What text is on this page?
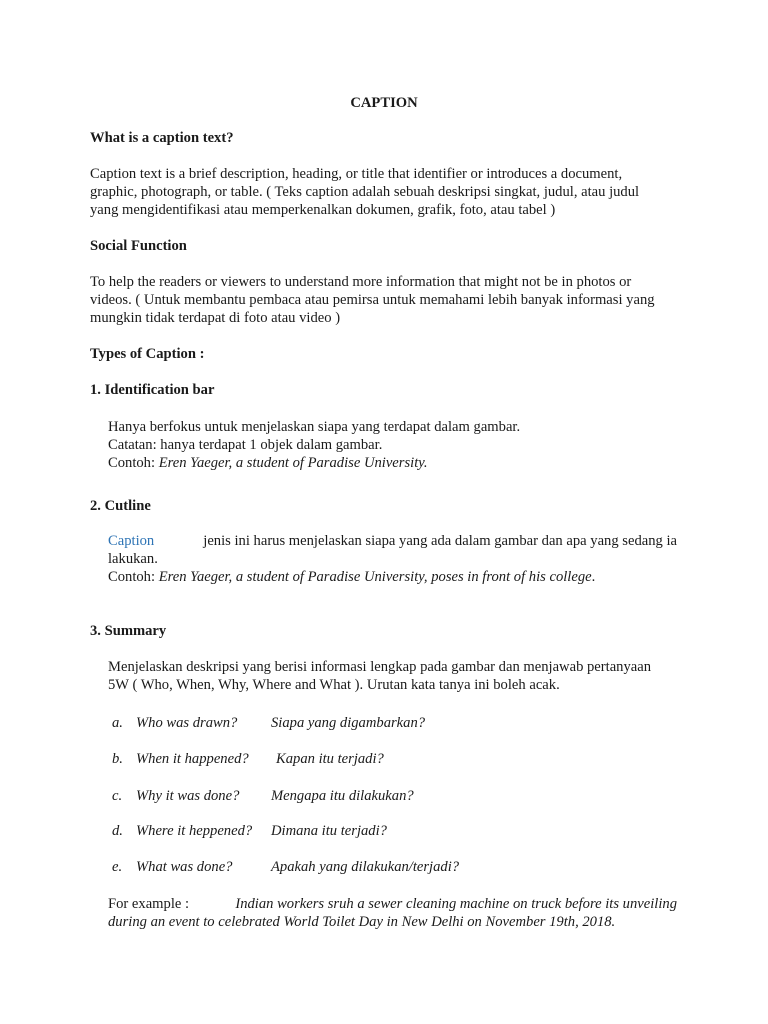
CAPTION
What is a caption text?
Caption text is a brief description, heading, or title that identifier or introduces a document,
graphic, photograph, or table. ( Teks caption adalah sebuah deskripsi singkat, judul, atau judul
yang mengidentifikasi atau memperkenalkan dokumen, grafik, foto, atau tabel )
Social Function
To help the readers or viewers to understand more information that might not be in photos or
videos. ( Untuk membantu pembaca atau pemirsa untuk memahami lebih banyak informasi yang
mungkin tidak terdapat di foto atau video )
Types of Caption :
1. Identification bar
Hanya berfokus untuk menjelaskan siapa yang terdapat dalam gambar.
Catatan: hanya terdapat 1 objek dalam gambar.
Contoh: Eren Yaeger, a student of Paradise University.
2. Cutline
Caption	jenis ini harus menjelaskan siapa yang ada dalam gambar dan apa yang sedang ia
lakukan.
Contoh: Eren Yaeger, a student of Paradise University, poses in front of his college.
3. Summary
Menjelaskan deskripsi yang berisi informasi lengkap pada gambar dan menjawab pertanyaan
5W ( Who, When, Why, Where and What ). Urutan kata tanya ini boleh acak.
a. Who was drawn? Siapa yang digambarkan?
b. When it happened? Kapan itu terjadi?
c. Why it was done? Mengapa itu dilakukan?
d. Where it heppened? Dimana itu terjadi?
e. What was done?	Apakah yang dilakukan/terjadi?
For example :	Indian workers sruh a sewer cleaning machine on truck before its unveiling
during an event to celebrated World Toilet Day in New Delhi on November 19th, 2018.
